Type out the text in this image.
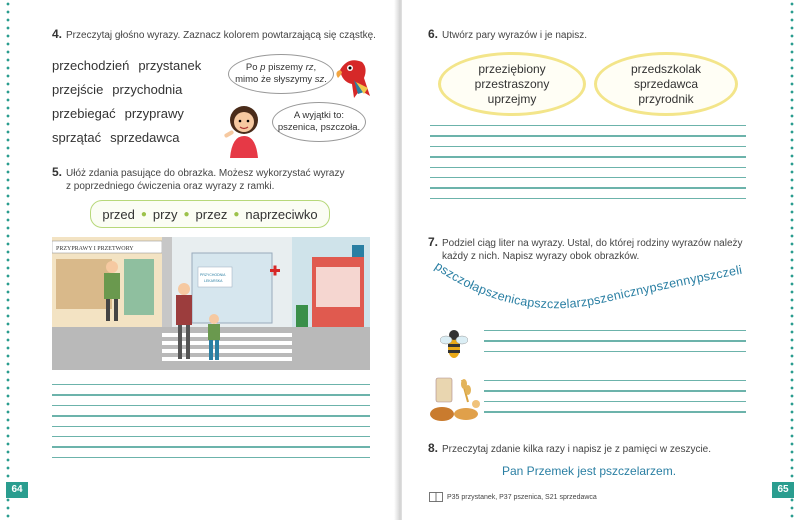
4. Przeczytaj głośno wyrazy. Zaznacz kolorem powtarzającą się cząstkę.
przechodzień przystanek
przejście przychodnia
przebiegać przyprawy
sprzątać sprzedawca
Po p piszemy rz,
mimo że słyszymy sz.
A wyjątki to:
pszenica, pszczoła.
5. Ułóż zdania pasujące do obrazka. Możesz wykorzystać wyrazy
z poprzedniego ćwiczenia oraz wyrazy z ramki.
przed ● przy ● przez ● naprzeciwko
PRZYPRAWY I PRZETWORY
PRZYCHODNIA
LEKARSKA
64
6. Utwórz pary wyrazów i je napisz.
przeziębiony
przestraszony
uprzejmy
przedszkolak
sprzedawca
przyrodnik
7. Podziel ciąg liter na wyrazy. Ustal, do której rodziny wyrazów należy
każdy z nich. Napisz wyrazy obok obrazków.
pszczołapszenicapszczelarzpszenicznypszennypszczeli
8. Przeczytaj zdanie kilka razy i napisz je z pamięci w zeszycie.
Pan Przemek jest pszczelarzem.
P35 przystanek, P37 pszenica, S21 sprzedawca
65
